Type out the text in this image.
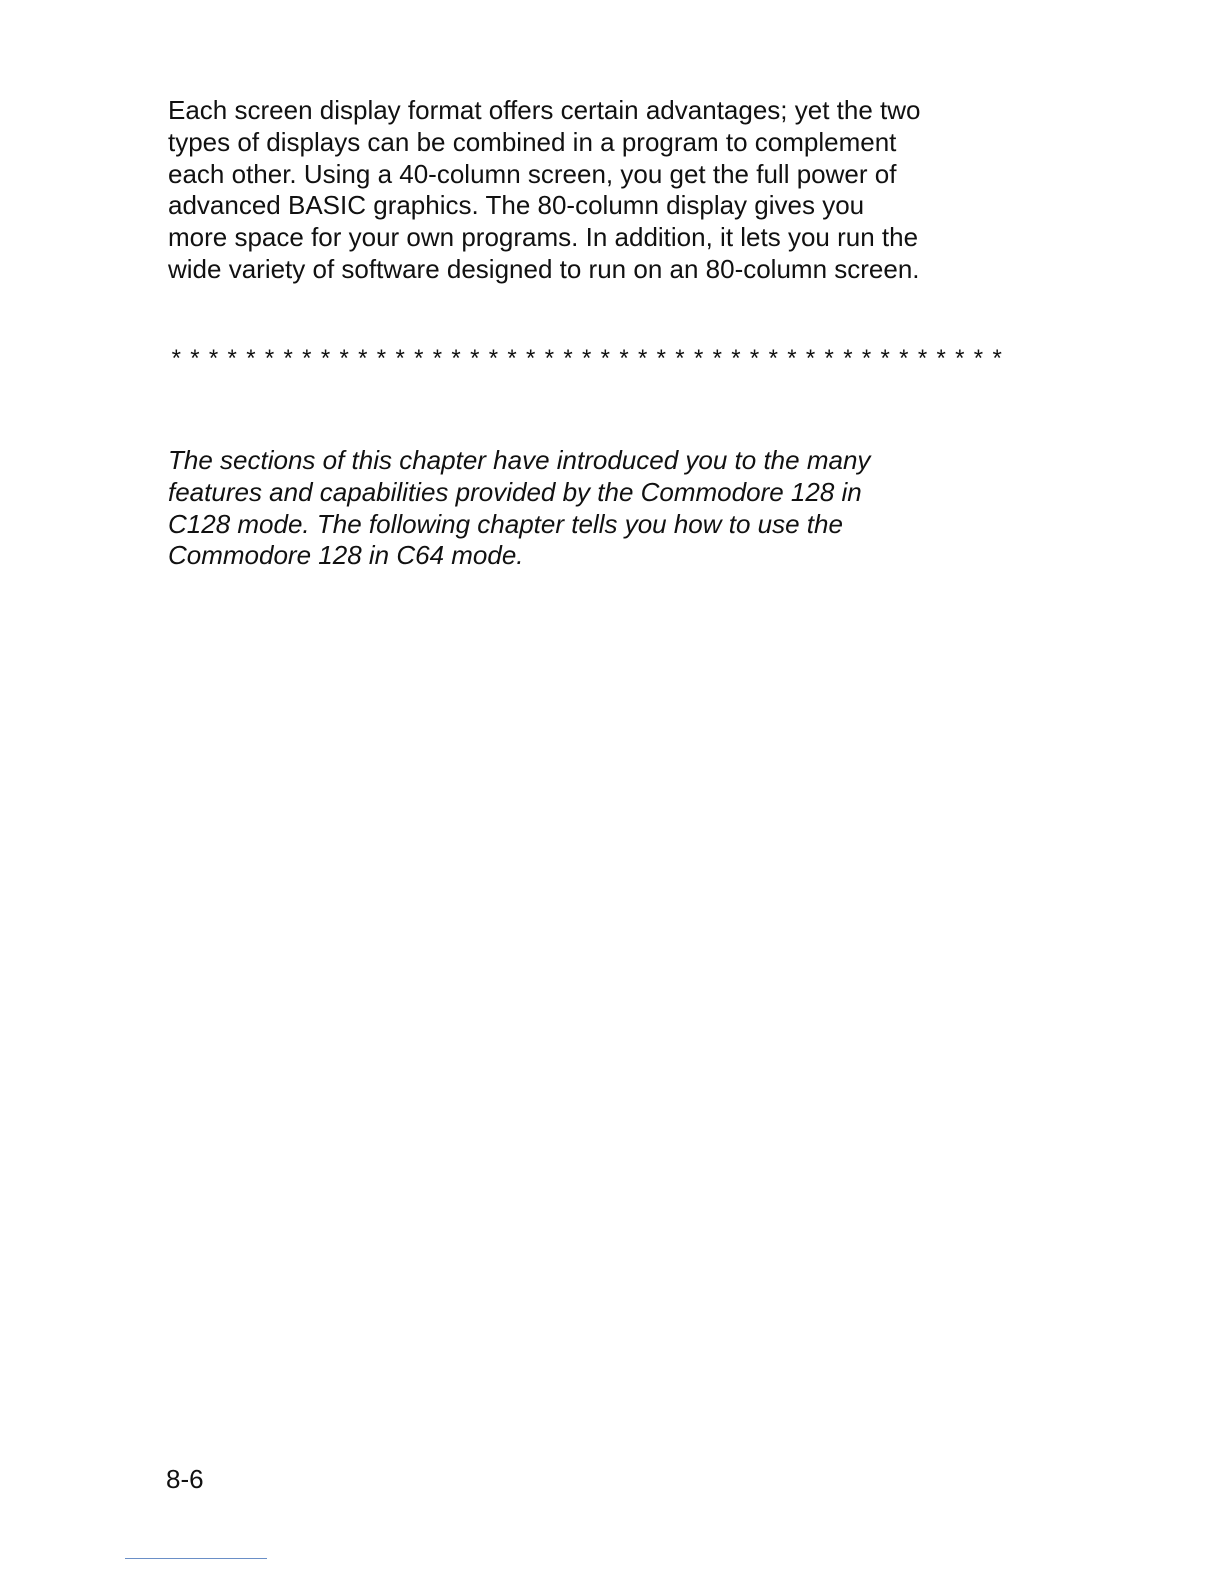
Each screen display format offers certain advantages; yet the two
types of displays can be combined in a program to complement
each other. Using a 40-column screen, you get the full power of
advanced BASIC graphics. The 80-column display gives you
more space for your own programs. In addition, it lets you run the
wide variety of software designed to run on an 80-column screen.
* * * * * * * * * * * * * * * * * * * * * * * * * * * * * * * * * * * * * * * * * * * * *
The sections of this chapter have introduced you to the many
features and capabilities provided by the Commodore 128 in
C128 mode. The following chapter tells you how to use the
Commodore 128 in C64 mode.
8-6
